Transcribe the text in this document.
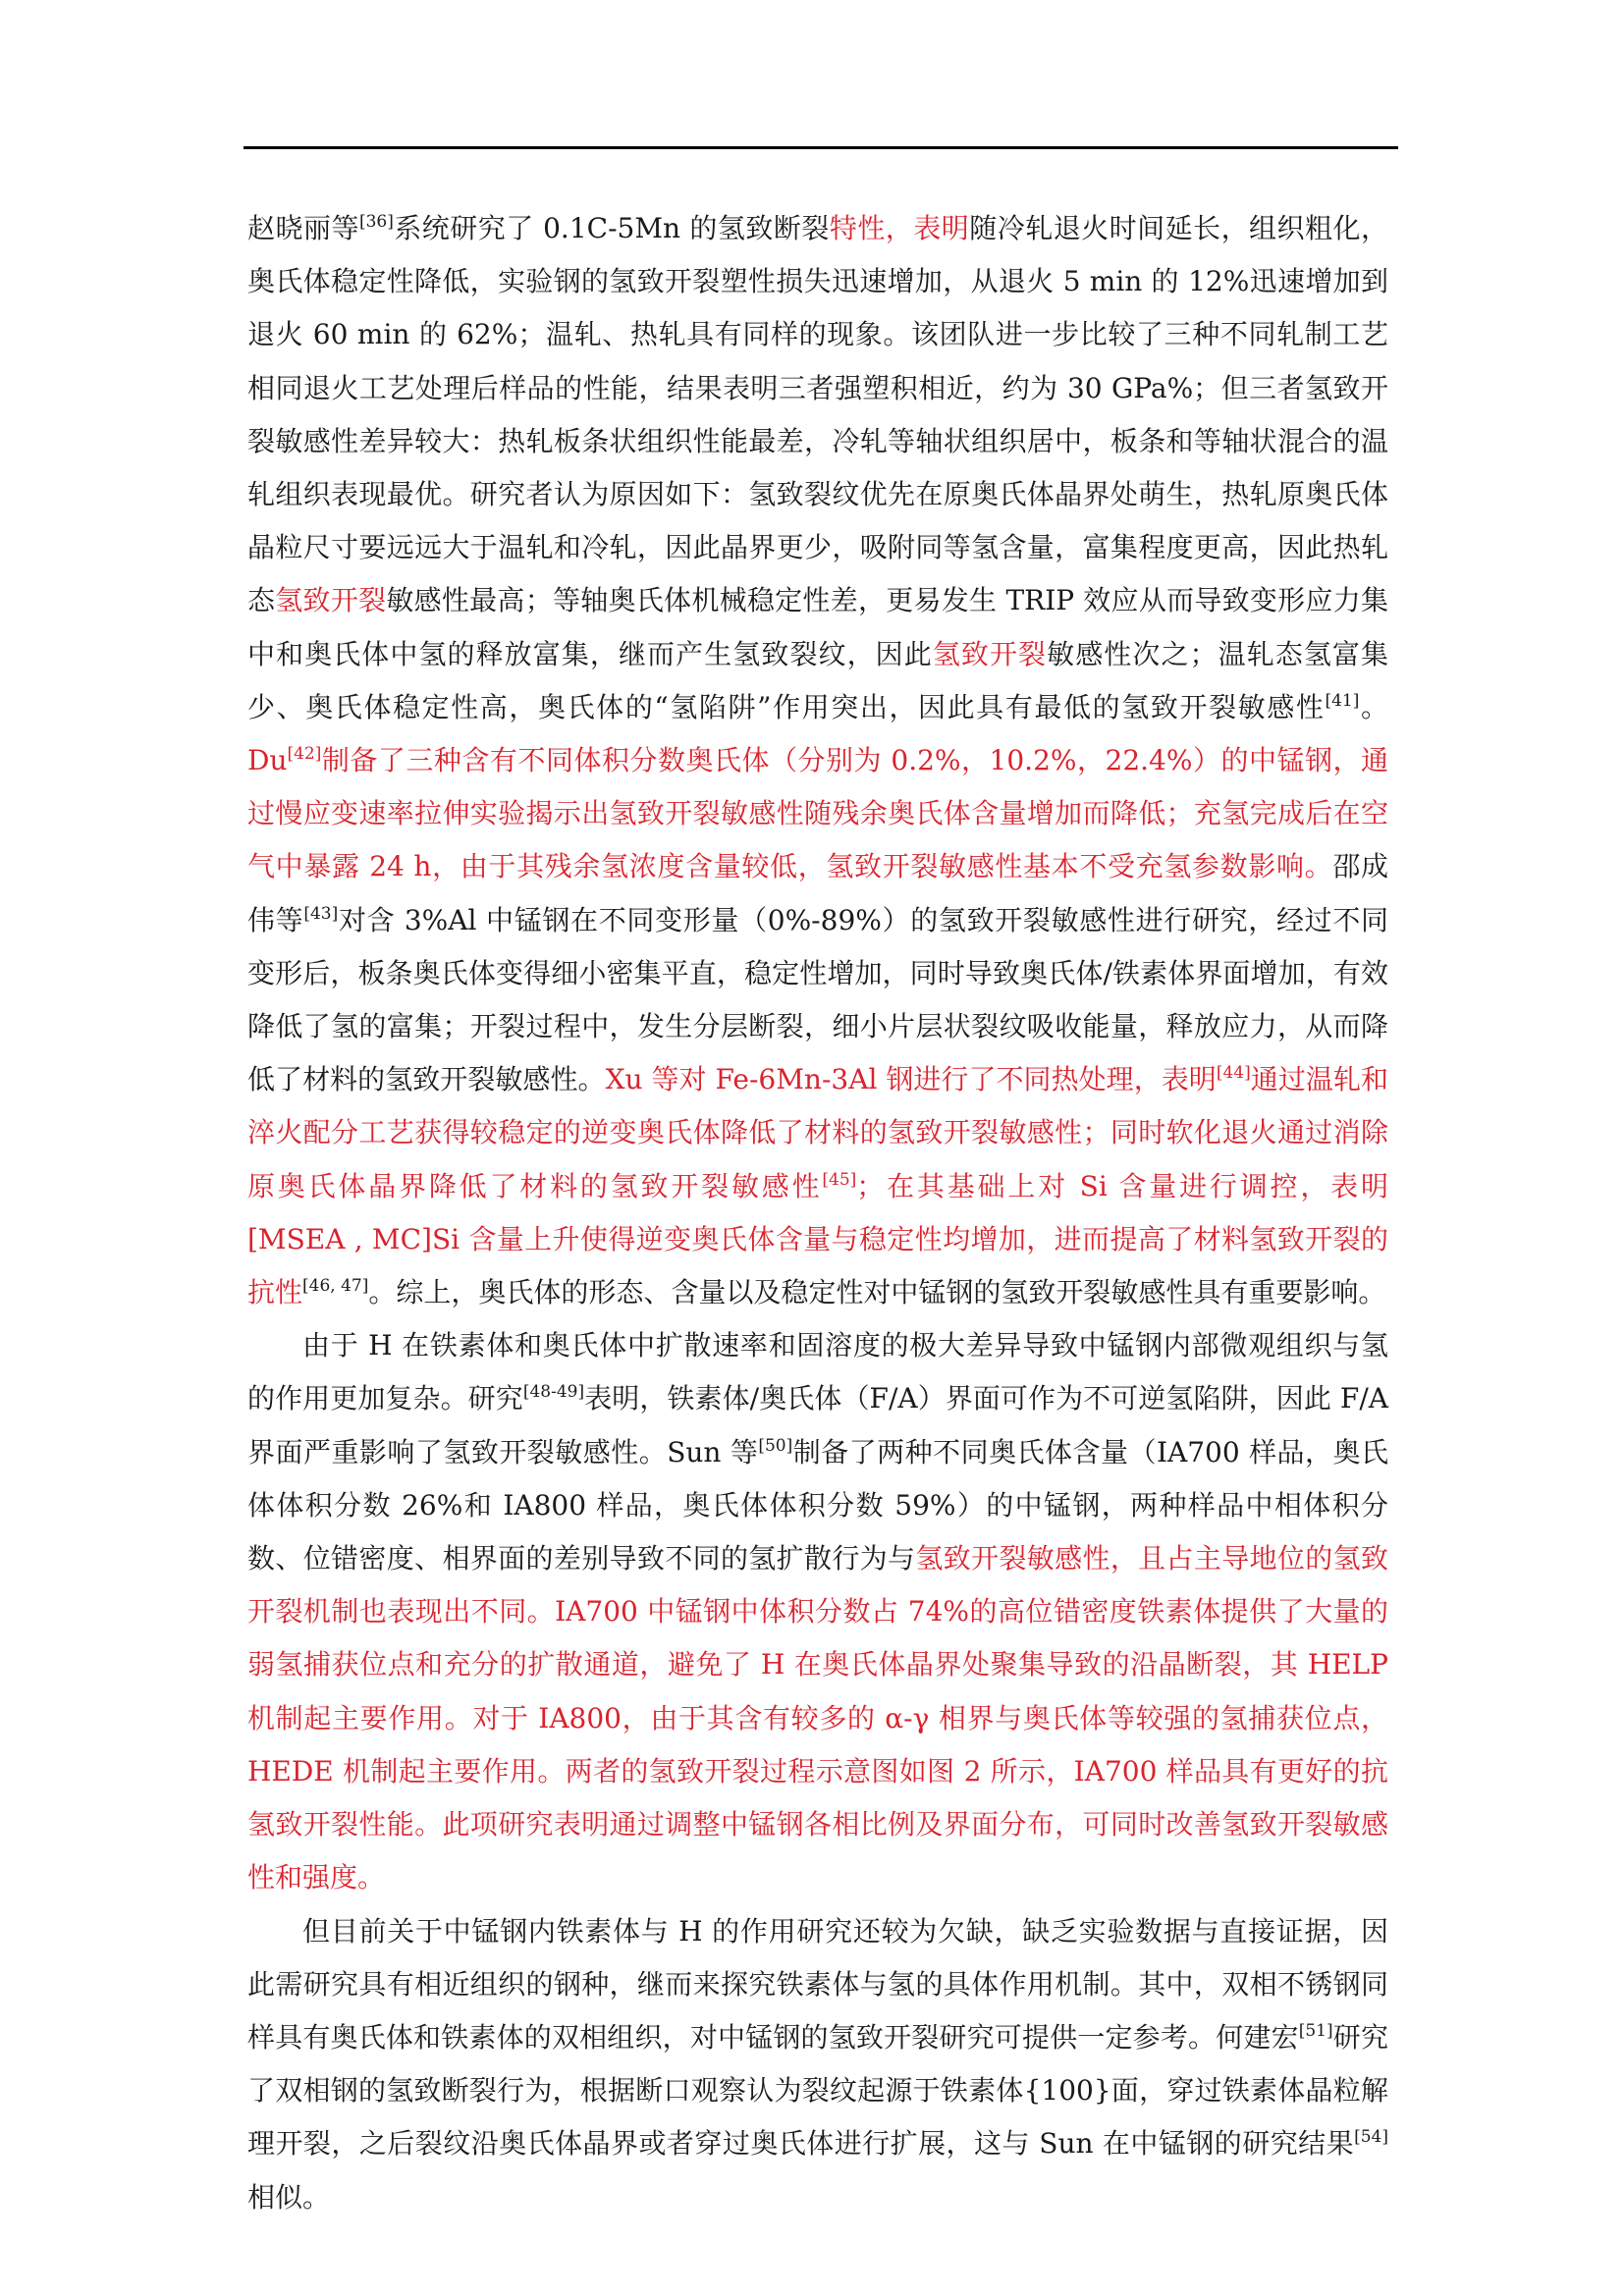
赵晓丽等[36]系统研究了 0.1C-5Mn 的氢致断裂特性，表明随冷轧退火时间延长，组织粗化，奥氏体稳定性降低，实验钢的氢致开裂塑性损失迅速增加，从退火 5 min 的 12%迅速增加到退火 60 min 的 62%；温轧、热轧具有同样的现象。该团队进一步比较了三种不同轧制工艺相同退火工艺处理后样品的性能，结果表明三者强塑积相近，约为 30 GPa%；但三者氢致开裂敏感性差异较大：热轧板条状组织性能最差，冷轧等轴状组织居中，板条和等轴状混合的温轧组织表现最优。研究者认为原因如下：氢致裂纹优先在原奥氏体晶界处萌生，热轧原奥氏体晶粒尺寸要远远大于温轧和冷轧，因此晶界更少，吸附同等氢含量，富集程度更高，因此热轧态氢致开裂敏感性最高；等轴奥氏体机械稳定性差，更易发生 TRIP 效应从而导致变形应力集中和奥氏体中氢的释放富集，继而产生氢致裂纹，因此氢致开裂敏感性次之；温轧态氢富集少、奥氏体稳定性高，奥氏体的“氢陷阱”作用突出，因此具有最低的氢致开裂敏感性[41]。Du[42]制备了三种含有不同体积分数奥氏体（分别为 0.2%，10.2%，22.4%）的中锰钢，通过慢应变速率拉伸实验揭示出氢致开裂敏感性随残余奥氏体含量增加而降低；充氢完成后在空气中暴露 24 h，由于其残余氢浓度含量较低，氢致开裂敏感性基本不受充氢参数影响。邵成伟等[43]对含 3%Al 中锰钢在不同变形量（0%-89%）的氢致开裂敏感性进行研究，经过不同变形后，板条奥氏体变得细小密集平直，稳定性增加，同时导致奥氏体/铁素体界面增加，有效降低了氢的富集；开裂过程中，发生分层断裂，细小片层状裂纹吸收能量，释放应力，从而降低了材料的氢致开裂敏感性。Xu 等对 Fe-6Mn-3Al 钢进行了不同热处理，表明[44]通过温轧和淬火配分工艺获得较稳定的逆变奥氏体降低了材料的氢致开裂敏感性；同时软化退火通过消除原奥氏体晶界降低了材料的氢致开裂敏感性[45]；在其基础上对 Si 含量进行调控，表明 [MSEA , MC]Si 含量上升使得逆变奥氏体含量与稳定性均增加，进而提高了材料氢致开裂的抗性[46, 47]。综上，奥氏体的形态、含量以及稳定性对中锰钢的氢致开裂敏感性具有重要影响。

由于 H 在铁素体和奥氏体中扩散速率和固溶度的极大差异导致中锰钢内部微观组织与氢的作用更加复杂。研究[48-49]表明，铁素体/奥氏体（F/A）界面可作为不可逆氢陷阱，因此 F/A 界面严重影响了氢致开裂敏感性。Sun 等[50]制备了两种不同奥氏体含量（IA700 样品，奥氏体体积分数 26%和 IA800 样品，奥氏体体积分数 59%）的中锰钢，两种样品中相体积分数、位错密度、相界面的差别导致不同的氢扩散行为与氢致开裂敏感性，且占主导地位的氢致开裂机制也表现出不同。IA700 中锰钢中体积分数占 74%的高位错密度铁素体提供了大量的弱氢捕获位点和充分的扩散通道，避免了 H 在奥氏体晶界处聚集导致的沿晶断裂，其 HELP 机制起主要作用。对于 IA800，由于其含有较多的 α-γ 相界与奥氏体等较强的氢捕获位点，HEDE 机制起主要作用。两者的氢致开裂过程示意图如图 2 所示，IA700 样品具有更好的抗氢致开裂性能。此项研究表明通过调整中锰钢各相比例及界面分布，可同时改善氢致开裂敏感性和强度。

但目前关于中锰钢内铁素体与 H 的作用研究还较为欠缺，缺乏实验数据与直接证据，因此需研究具有相近组织的钢种，继而来探究铁素体与氢的具体作用机制。其中，双相不锈钢同样具有奥氏体和铁素体的双相组织，对中锰钢的氢致开裂研究可提供一定参考。何建宏[51]研究了双相钢的氢致断裂行为，根据断口观察认为裂纹起源于铁素体{100}面，穿过铁素体晶粒解理开裂，之后裂纹沿奥氏体晶界或者穿过奥氏体进行扩展，这与 Sun 在中锰钢的研究结果[54]相似。
